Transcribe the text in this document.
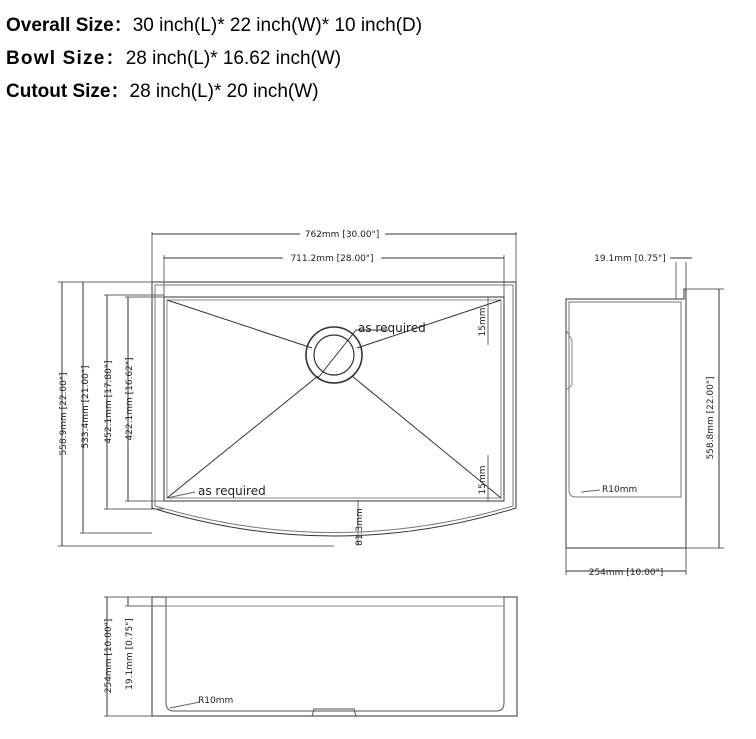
Overall Size：30 inch(L)* 22 inch(W)* 10 inch(D)
Bowl Size：28 inch(L)* 16.62 inch(W)
Cutout Size：28 inch(L)* 20 inch(W)
762mm [30.00"]
711.2mm [28.00"]
558.9mm [22.00"] 533.4mm [21.00"] 452.1mm [17.80"] 422.1mm [16.62"]
as required
as required
15mm
15mm
81.3mm
19.1mm [0.75"]
558.8mm [22.00"]
254mm [10.00"]
R10mm
254mm [10.00"] 19.1mm [0.75"]
R10mm
